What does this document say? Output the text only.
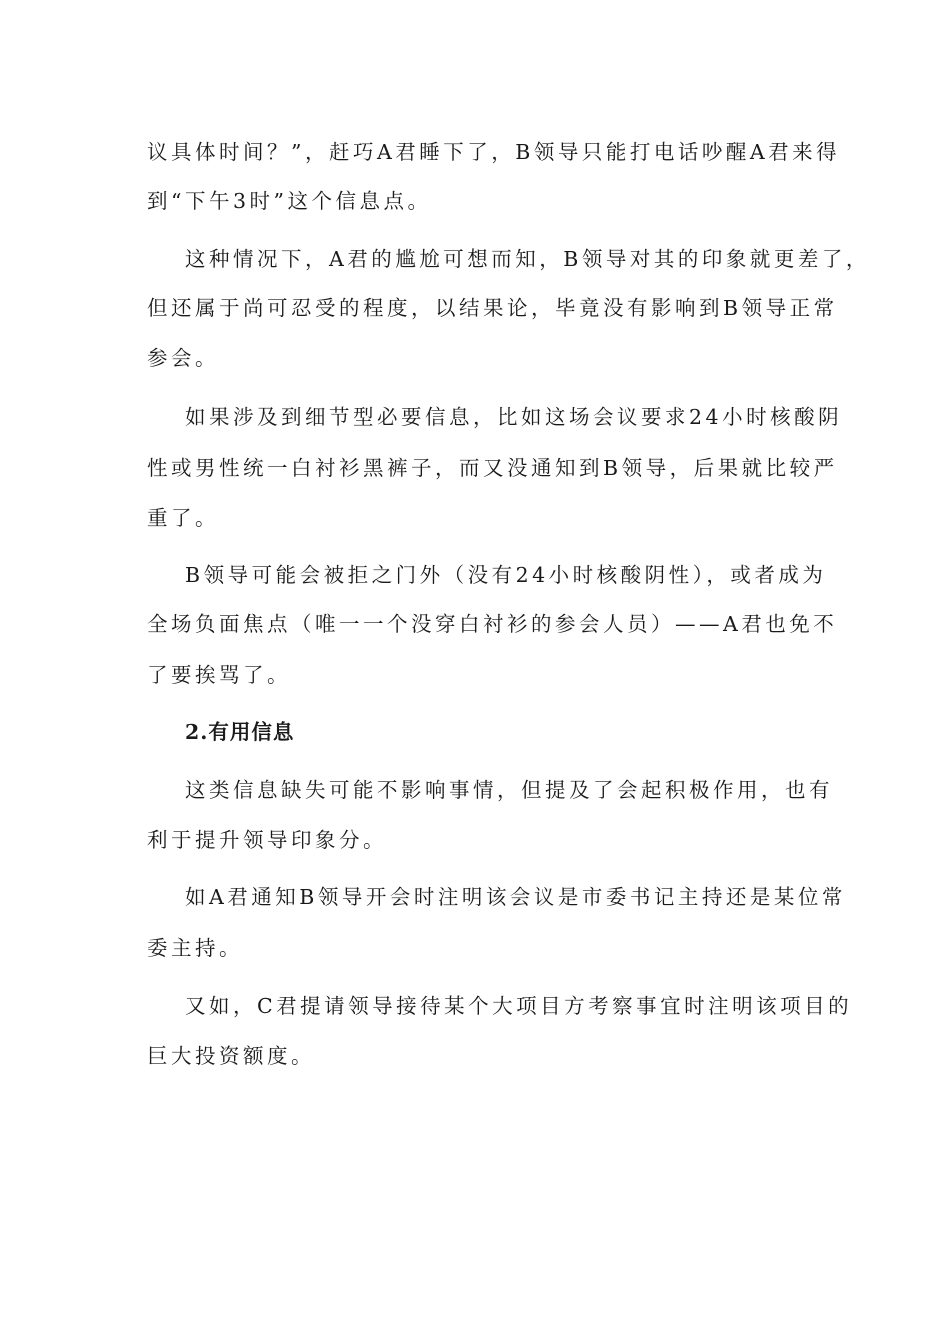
议具体时间？”，赶巧A君睡下了，B领导只能打电话吵醒A君来得
到“下午3时”这个信息点。
这种情况下，A君的尴尬可想而知，B领导对其的印象就更差了，
但还属于尚可忍受的程度，以结果论，毕竟没有影响到B领导正常
参会。
如果涉及到细节型必要信息，比如这场会议要求24小时核酸阴
性或男性统一白衬衫黑裤子，而又没通知到B领导，后果就比较严
重了。
B领导可能会被拒之门外（没有24小时核酸阴性），或者成为
全场负面焦点（唯一一个没穿白衬衫的参会人员）——A君也免不
了要挨骂了。
2.有用信息
这类信息缺失可能不影响事情，但提及了会起积极作用，也有
利于提升领导印象分。
如A君通知B领导开会时注明该会议是市委书记主持还是某位常
委主持。
又如，C君提请领导接待某个大项目方考察事宜时注明该项目的
巨大投资额度。
